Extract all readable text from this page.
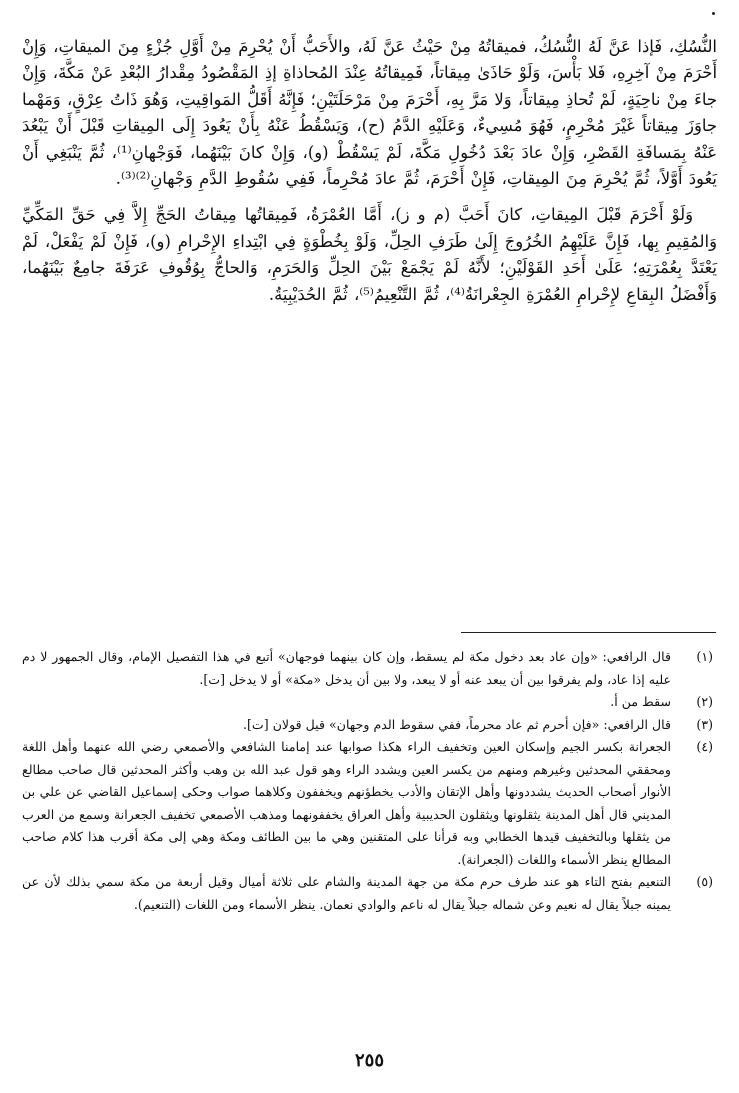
النُّسُكِ، فَإذا عَنَّ لَهُ النُّسُكُ، فميقاتُهُ مِنْ حَيْثُ عَنَّ لَهُ، والأَحَبُّ أَنْ يُحْرِمَ مِنْ أَوَّلِ جُزْءٍ مِنَ الميقاتِ، وَإِنْ أَحْرَمَ مِنْ آخِرِهِ، فَلا بَأْسَ، وَلَوْ حَاذَىٰ مِيقاتاً، فَمِيقاتُهُ عِنْدَ المُحاذاةِ إذِ المَقْصُودُ مِقْدارُ البُعْدِ عَنْ مَكَّةَ، وَإِنْ جاءَ مِنْ ناحِيَةٍ، لَمْ تُحاذِ مِيقاتاً، وَلا مَرَّ بِهِ، أَحْرَمَ مِنْ مَرْحَلَتَيْنِ؛ فَإِنَّهُ أَقَلُّ المَواقِيتِ، وَهُوَ ذَاتُ عِرْقٍ، وَمَهْما جاوَزَ مِيقاتاً غَيْرَ مُحْرِمٍ، فَهُوَ مُسِيءٌ، وَعَلَيْهِ الدَّمُ (ح)، وَيَسْقُطُ عَنْهُ بِأَنْ يَعُودَ إِلَى المِيقاتِ قَبْلَ أَنْ يَبْعُدَ عَنْهُ بِمَسافَةِ القَصْرِ، وَإِنْ عادَ بَعْدَ دُخُولِ مَكَّةَ، لَمْ يَسْقُطْ (و)، وَإِنْ كانَ بَيْنَهُما، فَوَجْهانِ⁽¹⁾، ثُمَّ يَنْبَغِي أَنْ يَعُودَ أَوَّلاً، ثُمَّ يُحْرِمَ مِنَ المِيقاتِ، فَإِنْ أَحْرَمَ، ثُمَّ عادَ مُحْرِماً، فَفِي سُقُوطِ الدَّمِ وَجْهانِ⁽²⁾⁽³⁾.

وَلَوْ أَحْرَمَ قَبْلَ المِيقاتِ، كانَ أَحَبَّ (م و ز)، أَمَّا العُمْرَةُ، فَمِيقاتُها مِيقاتُ الحَجِّ إِلاَّ فِي حَقِّ المَكِّيِّ وَالمُقِيمِ بِها، فَإِنَّ عَلَيْهِمُ الخُرُوجَ إِلَىٰ طَرَفِ الحِلِّ، وَلَوْ بِخُطْوَةٍ فِي ابْتِداءِ الإِحْرامِ (و)، فَإِنْ لَمْ يَفْعَلْ، لَمْ يَعْتَدَّ بِعُمْرَتِهِ؛ عَلَىٰ أَحَدِ القَوْلَيْنِ؛ لأَنَّهُ لَمْ يَجْمَعْ بَيْنَ الحِلِّ وَالحَرَمِ، وَالحاجُّ بِوُقُوفِ عَرَفَةَ جامِعٌ بَيْنَهُما، وَأَفْضَلُ البِقاعِ لإِحْرامِ العُمْرَةِ الجِعْرانَةُ⁽⁴⁾، ثُمَّ التَّنْعِيمُ⁽⁵⁾، ثُمَّ الحُدَيْبِيَةُ.

(١)
قال الرافعي: «وإن عاد بعد دخول مكة لم يسقط، وإن كان بينهما فوجهان» أتبع في هذا التفصيل الإمام، وقال الجمهور لا دم عليه إذا عاد، ولم يفرقوا بين أن يبعد عنه أو لا يبعد، ولا بين أن يدخل «مكة» أو لا يدخل [ت].
(٢)
سقط من أ.
(٣)
قال الرافعي: «فإن أحرم ثم عاد محرماً، ففي سقوط الدم وجهان» قيل قولان [ت].
(٤)
الجعرانة بكسر الجيم وإسكان العين وتخفيف الراء هكذا صوابها عند إمامنا الشافعي والأصمعي رضي الله عنهما وأهل اللغة ومحققي المحدثين وغيرهم ومنهم من يكسر العين ويشدد الراء وهو قول عبد الله بن وهب وأكثر المحدثين قال صاحب مطالع الأنوار أصحاب الحديث يشددونها وأهل الإتقان والأدب يخطؤنهم ويخففون وكلاهما صواب وحكى إسماعيل القاضي عن علي بن المديني قال أهل المدينة يثقلونها ويثقلون الحديبية وأهل العراق يخففونهما ومذهب الأصمعي تخفيف الجعرانة وسمع من العرب من يثقلها وبالتخفيف قيدها الخطابي وبه قرأنا على المتقنين وهي ما بين الطائف ومكة وهي إلى مكة أقرب هذا كلام صاحب المطالع ينظر الأسماء واللغات (الجعرانة).
(٥)
التنعيم بفتح التاء هو عند طرف حرم مكة من جهة المدينة والشام على ثلاثة أميال وقيل أربعة من مكة سمي بذلك لأن عن يمينه جبلاً يقال له نعيم وعن شماله جبلاً يقال له ناعم والوادي نعمان. ينظر الأسماء ومن اللغات (التنعيم).
٢٥٥
